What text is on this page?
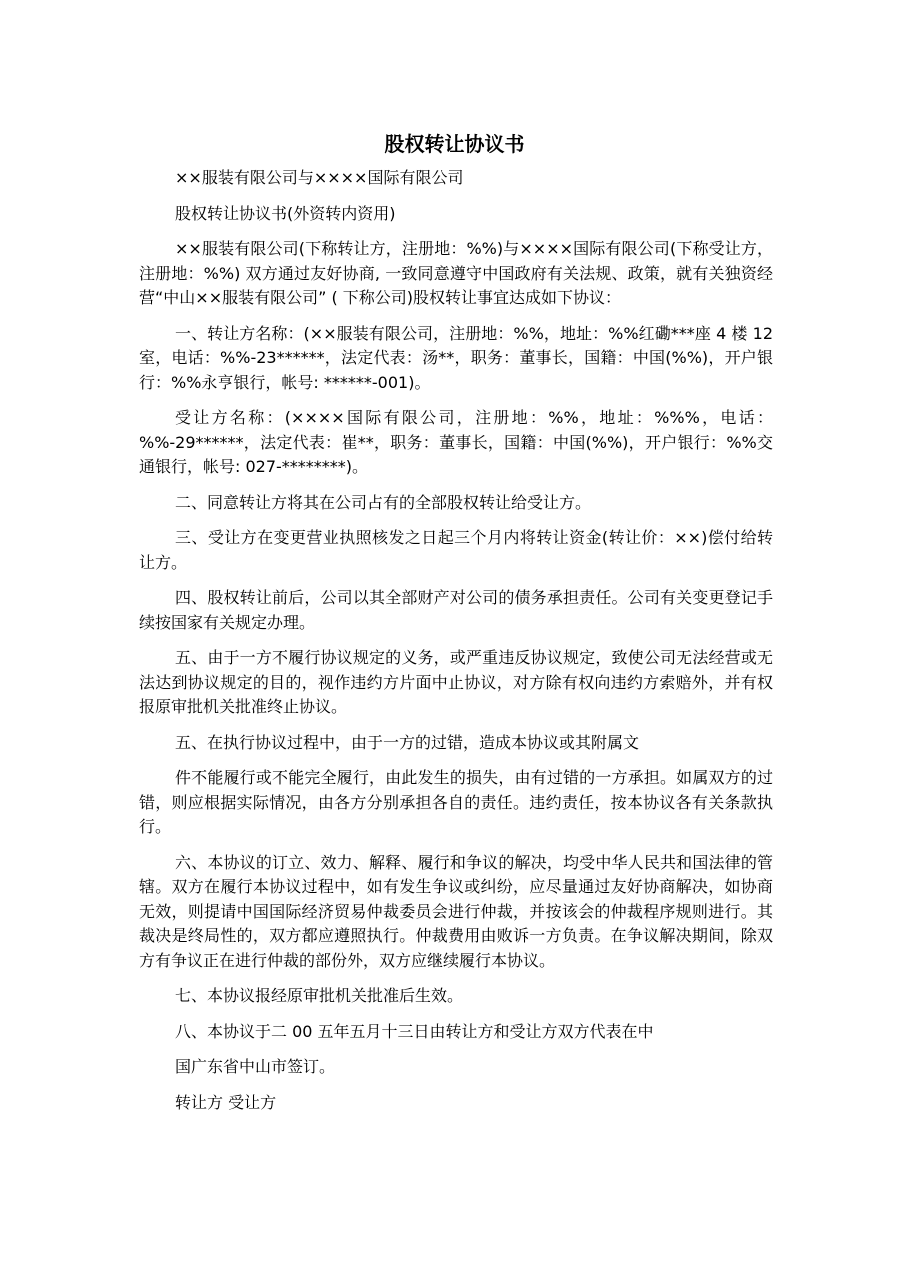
股权转让协议书

××服装有限公司与××××国际有限公司

股权转让协议书(外资转内资用)

××服装有限公司(下称转让方，注册地：%%)与××××国际有限公司(下称受让方，注册地：%%) 双方通过友好协商, 一致同意遵守中国政府有关法规、政策，就有关独资经营“中山××服装有限公司” ( 下称公司)股权转让事宜达成如下协议：

一、转让方名称：(××服装有限公司，注册地：%%，地址：%%红磡***座 4 楼 12 室，电话：%%-23******，法定代表：汤**，职务：董事长，国籍：中国(%%)，开户银行：%%永亨银行，帐号: ******-001)。

受让方名称：(××××国际有限公司，注册地：%%，地址：%%%，电话：%%-29******，法定代表：崔**，职务：董事长，国籍：中国(%%)，开户银行：%%交通银行，帐号: 027-********)。

二、同意转让方将其在公司占有的全部股权转让给受让方。

三、受让方在变更营业执照核发之日起三个月内将转让资金(转让价：××)偿付给转让方。

四、股权转让前后，公司以其全部财产对公司的债务承担责任。公司有关变更登记手续按国家有关规定办理。

五、由于一方不履行协议规定的义务，或严重违反协议规定，致使公司无法经营或无法达到协议规定的目的，视作违约方片面中止协议，对方除有权向违约方索赔外，并有权报原审批机关批准终止协议。

五、在执行协议过程中，由于一方的过错，造成本协议或其附属文

件不能履行或不能完全履行，由此发生的损失，由有过错的一方承担。如属双方的过错，则应根据实际情况，由各方分别承担各自的责任。违约责任，按本协议各有关条款执行。

六、本协议的订立、效力、解释、履行和争议的解决，均受中华人民共和国法律的管辖。双方在履行本协议过程中，如有发生争议或纠纷，应尽量通过友好协商解决，如协商无效，则提请中国国际经济贸易仲裁委员会进行仲裁，并按该会的仲裁程序规则进行。其裁决是终局性的，双方都应遵照执行。仲裁费用由败诉一方负责。在争议解决期间，除双方有争议正在进行仲裁的部份外，双方应继续履行本协议。

七、本协议报经原审批机关批准后生效。

八、本协议于二 00 五年五月十三日由转让方和受让方双方代表在中

国广东省中山市签订。

转让方 受让方
